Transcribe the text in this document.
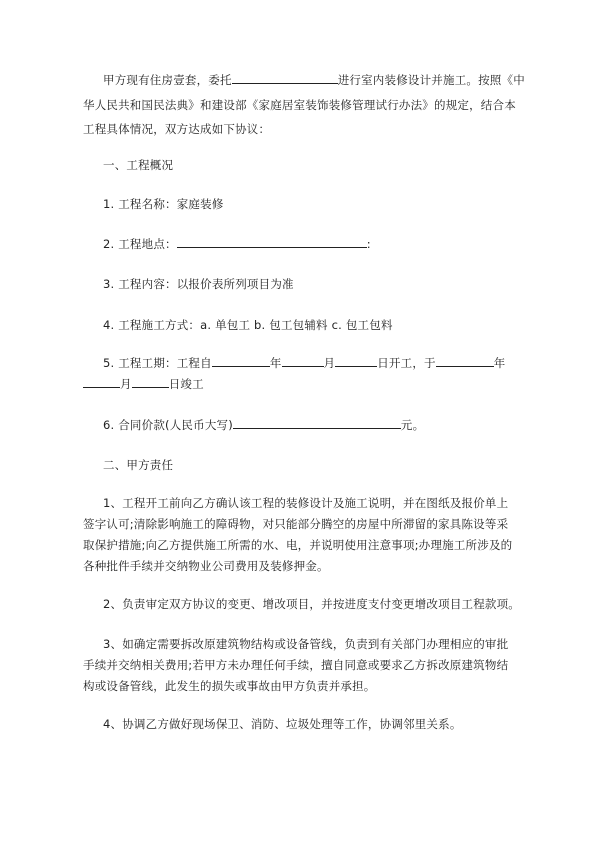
甲方现有住房壹套，委托	进行室内装修设计并施工。按照《中
华人民共和国民法典》和建设部《家庭居室装饰装修管理试行办法》的规定，结合本
工程具体情况，双方达成如下协议：
一、工程概况
1. 工程名称：家庭装修
2. 工程地点：	:
3. 工程内容：以报价表所列项目为准
4. 工程施工方式：a. 单包工 b. 包工包辅料 c. 包工包料
5. 工程工期：工程自	年	月	日开工，于	年
月	日竣工
6. 合同价款(人民币大写)	元。
二、甲方责任
1、工程开工前向乙方确认该工程的装修设计及施工说明，并在图纸及报价单上
签字认可;清除影响施工的障碍物，对只能部分腾空的房屋中所滞留的家具陈设等采
取保护措施;向乙方提供施工所需的水、电，并说明使用注意事项;办理施工所涉及的
各种批件手续并交纳物业公司费用及装修押金。
2、负责审定双方协议的变更、增改项目，并按进度支付变更增改项目工程款项。
3、如确定需要拆改原建筑物结构或设备管线，负责到有关部门办理相应的审批
手续并交纳相关费用;若甲方未办理任何手续，擅自同意或要求乙方拆改原建筑物结
构或设备管线，此发生的损失或事故由甲方负责并承担。
4、协调乙方做好现场保卫、消防、垃圾处理等工作，协调邻里关系。
